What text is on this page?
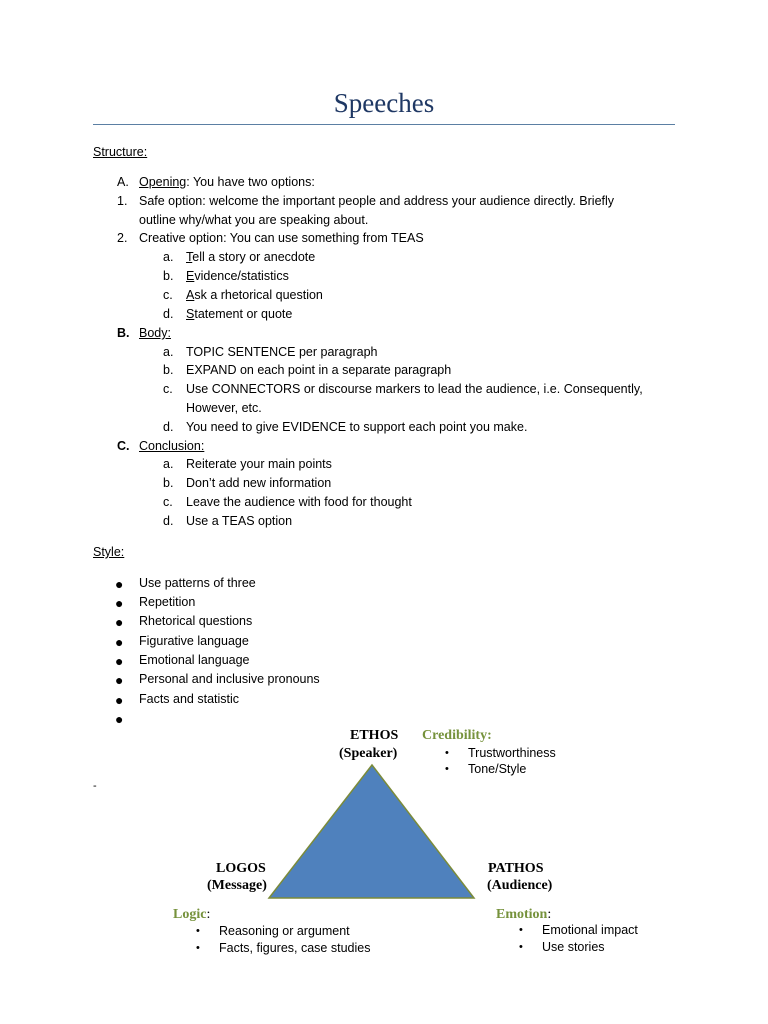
Speeches
Structure:
A. Opening: You have two options:
1. Safe option: welcome the important people and address your audience directly. Briefly
outline why/what you are speaking about.
2. Creative option: You can use something from TEAS
a. Tell a story or anecdote
b. Evidence/statistics
c. Ask a rhetorical question
d. Statement or quote
B. Body:
a. TOPIC SENTENCE per paragraph
b. EXPAND on each point in a separate paragraph
c. Use CONNECTORS or discourse markers to lead the audience, i.e. Consequently,
However, etc.
d. You need to give EVIDENCE to support each point you make.
C. Conclusion:
a. Reiterate your main points
b. Don’t add new information
c. Leave the audience with food for thought
d. Use a TEAS option
Style:
● Use patterns of three
● Repetition
● Rhetorical questions
● Figurative language
● Emotional language
● Personal and inclusive pronouns
● Facts and statistic
●
-
ETHOS
(Speaker)
Credibility:
• Trustworthiness
• Tone/Style
LOGOS
(Message)
Logic:
• Reasoning or argument
• Facts, figures, case studies
PATHOS
(Audience)
Emotion:
• Emotional impact
• Use stories
